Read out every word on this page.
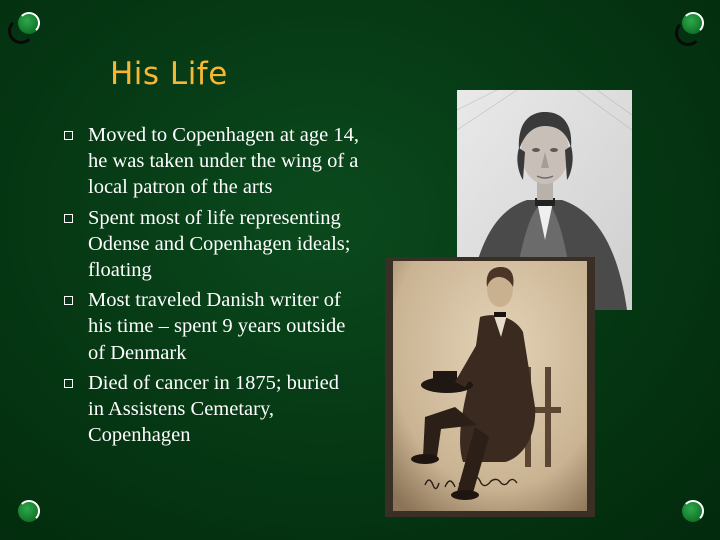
His Life
Moved to Copenhagen at age 14, he was taken under the wing of a local patron of the arts
Spent most of life representing Odense and Copenhagen ideals; floating
Most traveled Danish writer of his time – spent 9 years outside of Denmark
Died of cancer in 1875; buried in Assistens Cemetary, Copenhagen
